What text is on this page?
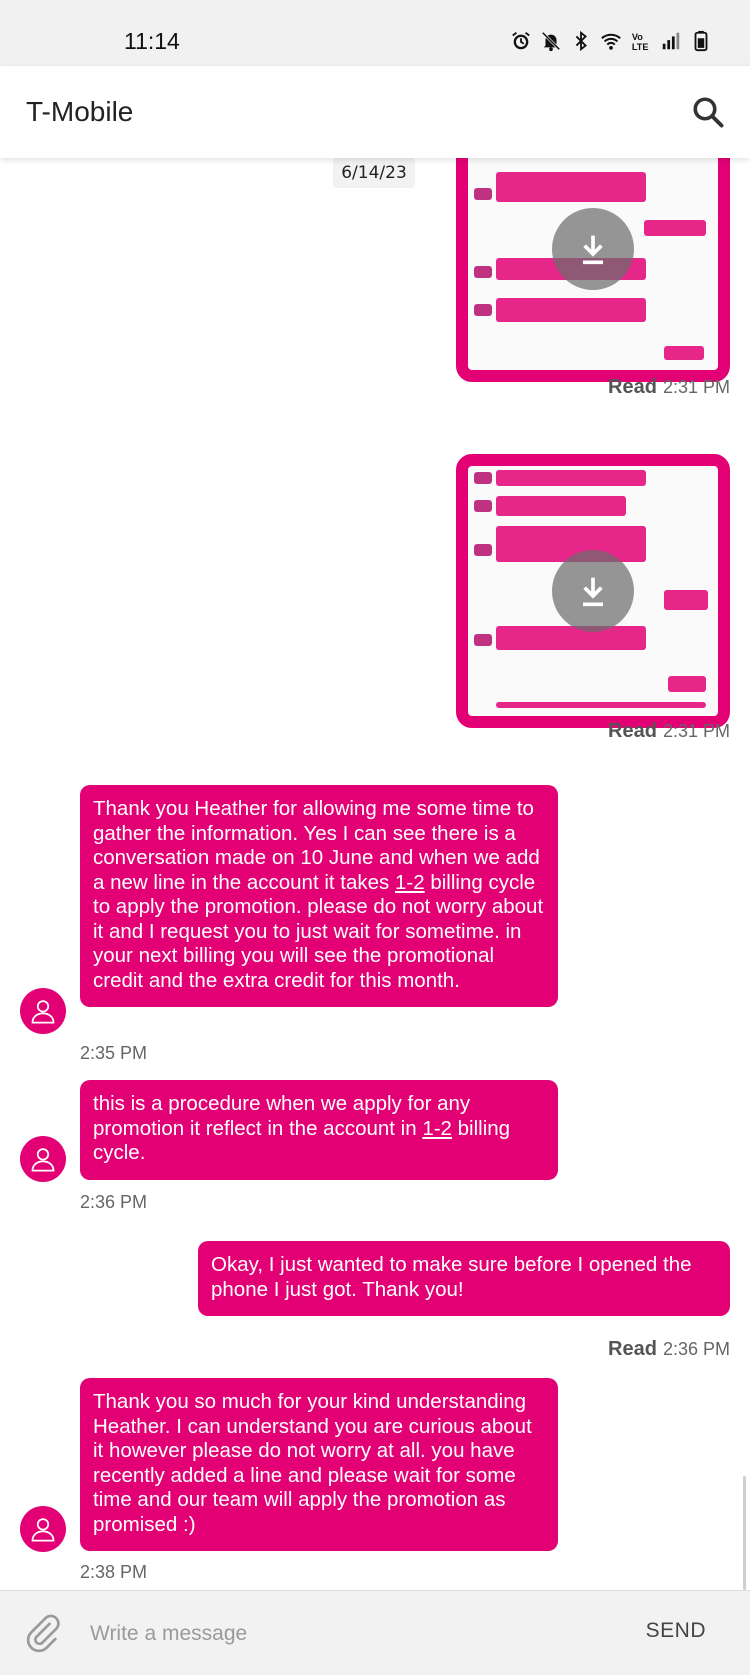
11:14	Vo
LTE
T-Mobile
6/14/23
Read 2:31 PM
Read 2:31 PM
Thank you Heather for allowing me some time to gather the information. Yes I can see there is a conversation made on 10 June and when we add a new line in the account it takes 1-2 billing cycle to apply the promotion. please do not worry about it and I request you to just wait for sometime. in your next billing you will see the promotional credit and the extra credit for this month.
2:35 PM
this is a procedure when we apply for any promotion it reflect in the account in 1-2 billing cycle.
2:36 PM
Okay, I just wanted to make sure before I opened the phone I just got. Thank you!
Read 2:36 PM
Thank you so much for your kind understanding Heather. I can understand you are curious about it however please do not worry at all. you have recently added a line and please wait for some time and our team will apply the promotion as promised :)
2:38 PM
Write a message
SEND
